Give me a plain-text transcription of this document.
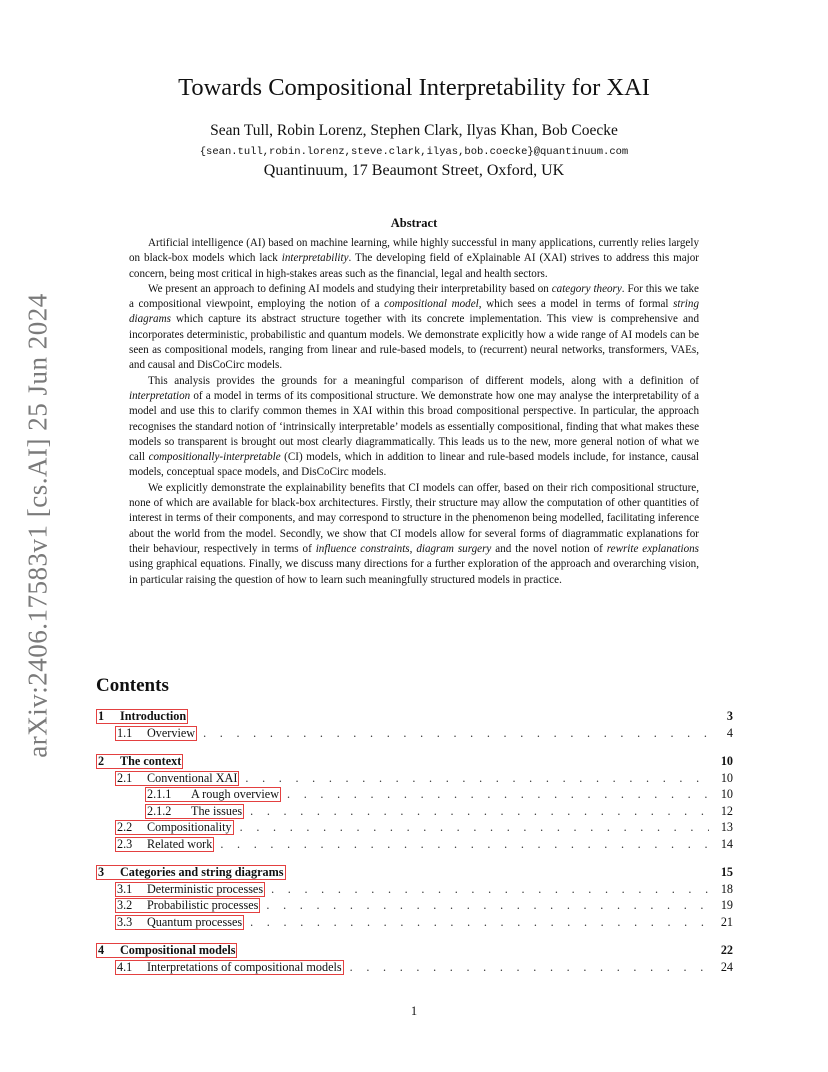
arXiv:2406.17583v1 [cs.AI] 25 Jun 2024
Towards Compositional Interpretability for XAI
Sean Tull, Robin Lorenz, Stephen Clark, Ilyas Khan, Bob Coecke
{sean.tull,robin.lorenz,steve.clark,ilyas,bob.coecke}@quantinuum.com
Quantinuum, 17 Beaumont Street, Oxford, UK
Abstract

Artificial intelligence (AI) based on machine learning, while highly successful in many applications, currently relies largely on black-box models which lack interpretability. The developing field of eXplainable AI (XAI) strives to address this major concern, being most critical in high-stakes areas such as the financial, legal and health sectors.

We present an approach to defining AI models and studying their interpretability based on category theory. For this we take a compositional viewpoint, employing the notion of a compositional model, which sees a model in terms of formal string diagrams which capture its abstract structure together with its concrete implementation. This view is comprehensive and incorporates deterministic, probabilistic and quantum models. We demonstrate explicitly how a wide range of AI models can be seen as compositional models, ranging from linear and rule-based models, to (recurrent) neural networks, transformers, VAEs, and causal and DisCoCirc models.

This analysis provides the grounds for a meaningful comparison of different models, along with a definition of interpretation of a model in terms of its compositional structure. We demonstrate how one may analyse the interpretability of a model and use this to clarify common themes in XAI within this broad compositional perspective. In particular, the approach recognises the standard notion of ‘intrinsically interpretable’ models as essentially compositional, finding that what makes these models so transparent is brought out most clearly diagrammatically. This leads us to the new, more general notion of what we call compositionally-interpretable (CI) models, which in addition to linear and rule-based models include, for instance, causal models, conceptual space models, and DisCoCirc models.

We explicitly demonstrate the explainability benefits that CI models can offer, based on their rich compositional structure, none of which are available for black-box architectures. Firstly, their structure may allow the computation of other quantities of interest in terms of their components, and may correspond to structure in the phenomenon being modelled, facilitating inference about the world from the model. Secondly, we show that CI models allow for several forms of diagrammatic explanations for their behaviour, respectively in terms of influence constraints, diagram surgery and the novel notion of rewrite explanations using graphical equations. Finally, we discuss many directions for a further exploration of the approach and overarching vision, in particular raising the question of how to learn such meaningfully structured models in practice.

Contents
1	Introduction	3
1.1	Overview . . .	4
2	The context	10
2.1	Conventional XAI . . .	10
2.1.1	A rough overview . . .	10
2.1.2	The issues . . .	12
2.2	Compositionality . . .	13
2.3	Related work . . .	14
3	Categories and string diagrams	15
3.1	Deterministic processes . . .	18
3.2	Probabilistic processes . . .	19
3.3	Quantum processes . . .	21
4	Compositional models	22
4.1	Interpretations of compositional models . . .	24
1
